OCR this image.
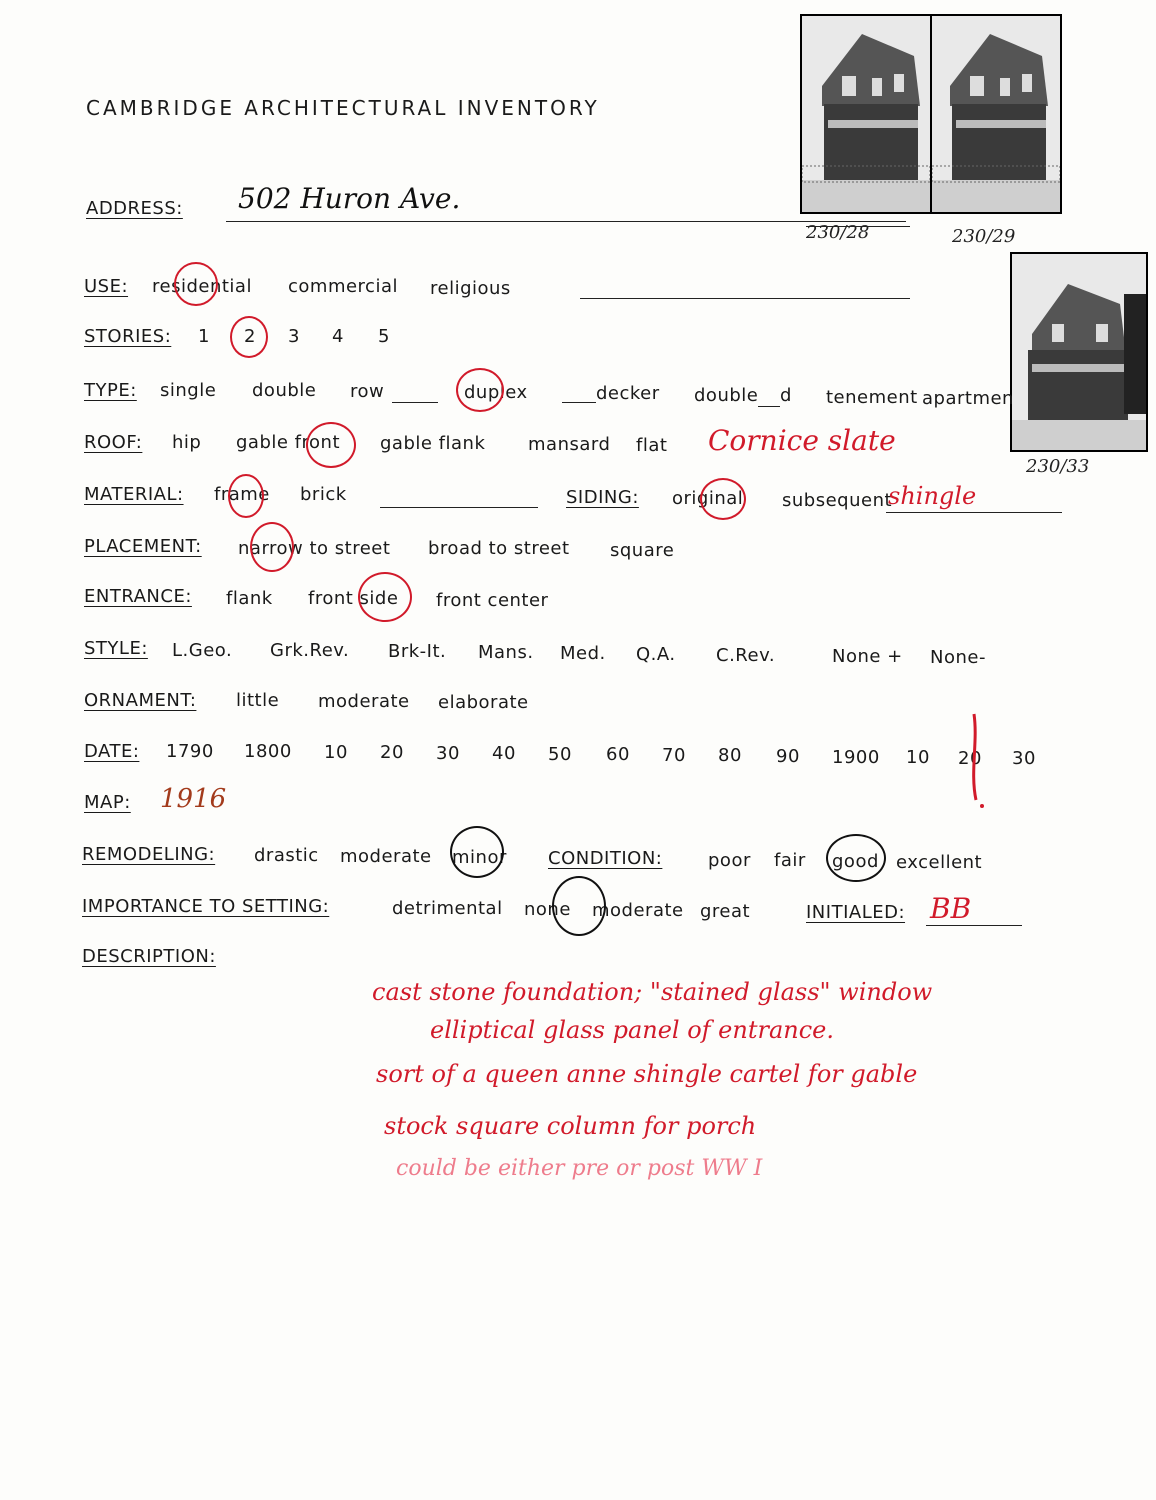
CAMBRIDGE ARCHITECTURAL INVENTORY
230/28	230/29
230/33
ADDRESS: 502 Huron Ave.
USE: residential commercial religious
STORIES: 1 2 3 4 5
TYPE: single double row	duplex	decker double d tenement apartmen
ROOF: hip gable front gable flank mansard flat Cornice slate
MATERIAL: frame brick	SIDING: original subsequent
shingle
PLACEMENT: narrow to street broad to street square
ENTRANCE: flank front side front center
STYLE: L.Geo. Grk.Rev. Brk-It. Mans. Med. Q.A. C.Rev.	None + None-
ORNAMENT: little moderate elaborate
DATE: 1790 1800 10 20 30 40 50 60 70 80 90 1900 10 20 30
MAP: 1916
REMODELING: drastic moderate minor CONDITION:	poor fair good excellent
IMPORTANCE TO SETTING:	detrimental none moderate great	INITIALED: BB
DESCRIPTION:
cast stone foundation; "stained glass" window
elliptical glass panel of entrance.
sort of a queen anne shingle cartel for gable
stock square column for porch
could be either pre or post WW I
